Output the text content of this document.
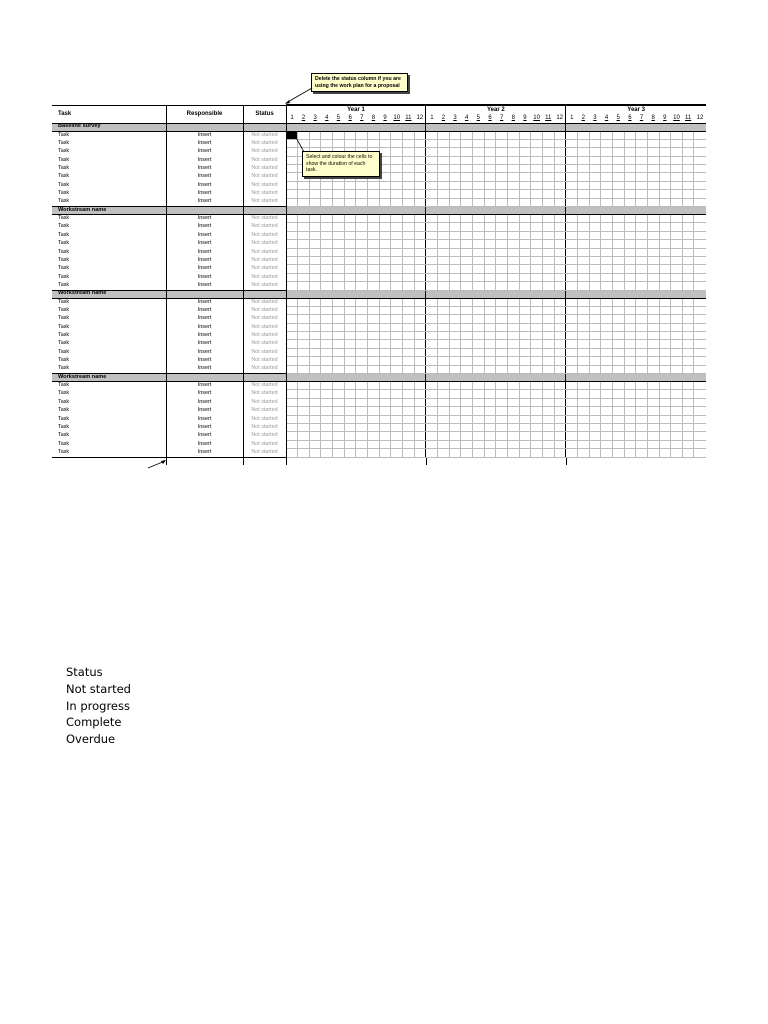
Task	Responsible	Status	Year 1												Year 2												Year 3											
			1	2	3	4	5	6	7	8	9	10	11	12	1	2	3	4	5	6	7	8	9	10	11	12	1	2	3	4	5	6	7	8	9	10	11	12
Baseline survey																																						
Task	Insert	Not started																																				
Task	Insert	Not started																																				
Task	Insert	Not started																																				
Task	Insert	Not started																																				
Task	Insert	Not started																																				
Task	Insert	Not started																																				
Task	Insert	Not started																																				
Task	Insert	Not started																																				
Task	Insert	Not started																																				
Workstream name																																						
Task	Insert	Not started																																				
Task	Insert	Not started																																				
Task	Insert	Not started																																				
Task	Insert	Not started																																				
Task	Insert	Not started																																				
Task	Insert	Not started																																				
Task	Insert	Not started																																				
Task	Insert	Not started																																				
Task	Insert	Not started																																				
Workstream name																																						
Task	Insert	Not started																																				
Task	Insert	Not started																																				
Task	Insert	Not started																																				
Task	Insert	Not started																																				
Task	Insert	Not started																																				
Task	Insert	Not started																																				
Task	Insert	Not started																																				
Task	Insert	Not started																																				
Task	Insert	Not started																																				
Workstream name																																						
Task	Insert	Not started																																				
Task	Insert	Not started																																				
Task	Insert	Not started																																				
Task	Insert	Not started																																				
Task	Insert	Not started																																				
Task	Insert	Not started																																				
Task	Insert	Not started																																				
Task	Insert	Not started																																				
Task	Insert	Not started																																				
Delete the status column if you are using the work plan for a proposal
Select and colour the cells to show the duration of each task.
Status
Not started
In progress
Complete
Overdue
